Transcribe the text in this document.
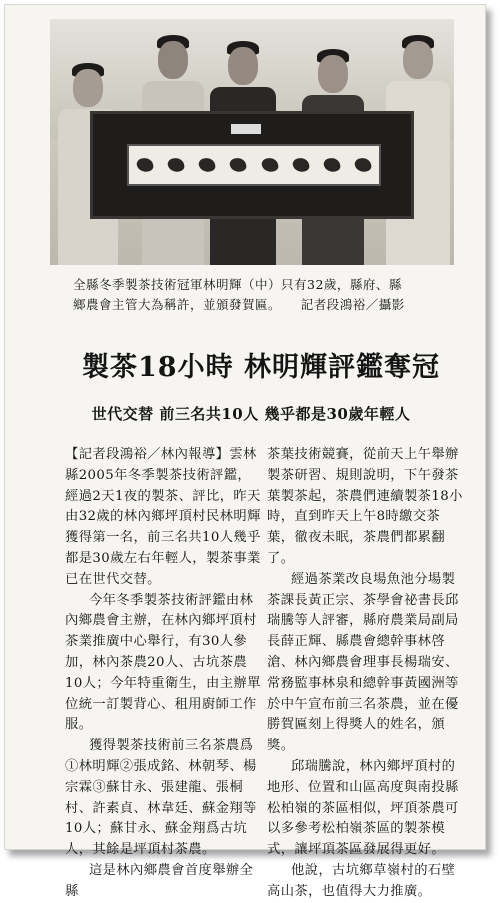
全縣冬季製茶技術冠軍林明輝（中）只有32歲，縣府、縣

鄉農會主管大為稱許，並頒發賀匾。　　記者段鴻裕／攝影

製茶18小時 林明輝評鑑奪冠
世代交替 前三名共10人 幾乎都是30歲年輕人

【記者段鴻裕／林內報導】雲林縣2005年冬季製茶技術評鑑，經過2天1夜的製茶、評比，昨天由32歲的林內鄉坪頂村民林明輝獲得第一名，前三名共10人幾乎都是30歲左右年輕人，製茶事業已在世代交替。

今年冬季製茶技術評鑑由林內鄉農會主辦，在林內鄉坪頂村茶業推廣中心舉行，有30人參加，林內茶農20人、古坑茶農10人；今年特重衛生，由主辦單位統一訂製背心、租用廚師工作服。

獲得製茶技術前三名茶農爲①林明輝②張成銘、林朝琴、楊宗霖③蘇甘永、張建龍、張桐村、許素貞、林韋廷、蘇金翔等10人；蘇甘永、蘇金翔爲古坑人，其餘是坪頂村茶農。

這是林內鄉農會首度舉辦全縣

茶葉技術競賽，從前天上午舉辦製茶研習、規則說明，下午發茶葉製茶起，茶農們連續製茶18小時，直到昨天上午8時繳交茶葉，徹夜未眠，茶農們都累翻了。

經過茶業改良場魚池分場製茶課長黃正宗、茶學會祕書長邱瑞騰等人評審，縣府農業局副局長薛正輝、縣農會總幹事林啓滄、林內鄉農會理事長楊瑞安、常務監事林泉和總幹事黃國洲等於中午宣布前三名茶農，並在優勝賀匾刻上得獎人的姓名，頒獎。

邱瑞騰說，林內鄉坪頂村的地形、位置和山區高度與南投縣松柏嶺的茶區相似，坪頂茶農可以多參考松柏嶺茶區的製茶模式，讓坪頂茶區發展得更好。

他說，古坑鄉草嶺村的石壁高山茶，也值得大力推廣。
